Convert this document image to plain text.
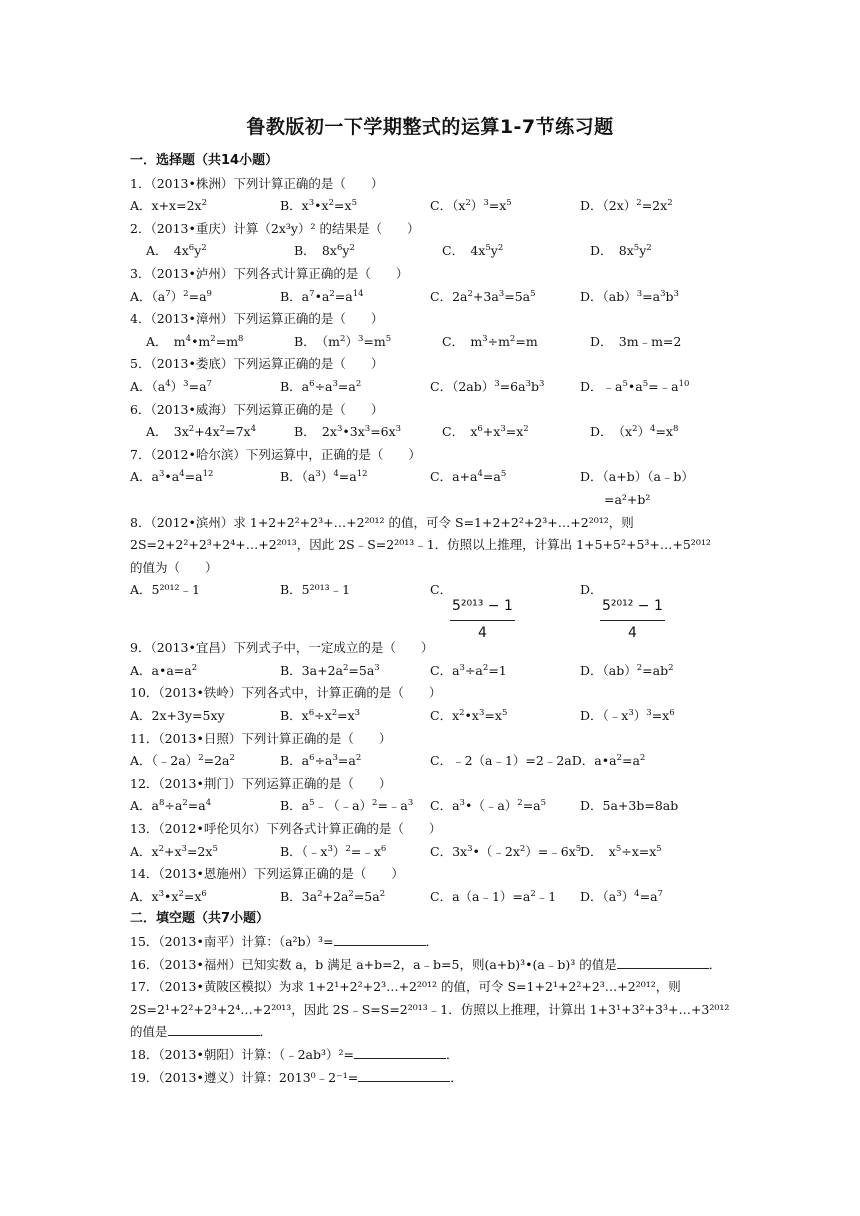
鲁教版初一下学期整式的运算1-7节练习题
一．选择题（共14小题）
1．（2013•株洲）下列计算正确的是（　　）
A．$x+x=2x^2$	B．$x^3•x^2=x^5$	C．$(x^2)^3=x^5$	D．$(2x)^2=2x^2$
2．（2013•重庆）计算（2x³y）² 的结果是（　　）
A．　$4x^6y^2$	B．　$8x^6y^2$	C．　$4x^5y^2$	D．　$8x^5y^2$
3．（2013•泸州）下列各式计算正确的是（　　）
A．$(a^7)^2=a^9$	B．$a^7•a^2=a^{14}$	C．$2a^2+3a^3=5a^5$	D．$(ab)^3=a^3b^3$
4．（2013•漳州）下列运算正确的是（　　）
A．　$m^4•m^2=m^8$	B．　$(m^2)^3=m^5$	C．　$m^3\div m^2=m$	D．　3m﹣m=2
5．（2013•娄底）下列运算正确的是（　　）
A．$(a^4)^3=a^7$	B．$a^6\div a^3=a^2$	C．$(2ab)^3=6a^3b^3$	D．$﹣a^5•a^5=﹣a^{10}$
6．（2013•威海）下列运算正确的是（　　）
A．　$3x^2+4x^2=7x^4$	B．　$2x^3•3x^3=6x^3$	C．　$x^6+x^3=x^2$	D．　$(x^2)^4=x^8$
7．（2012•哈尔滨）下列运算中，正确的是（　　）
A．$a^3•a^4=a^{12}$	B．$(a^3)^4=a^{12}$	C．$a+a^4=a^5$	D．（a+b）（a﹣b）
=a²+b²
8．（2012•滨州）求 1+2+2²+2³+…+2²⁰¹² 的值，可令 S=1+2+2²+2³+…+2²⁰¹²，则
2S=2+2²+2³+2⁴+…+2²⁰¹³，因此 2S﹣S=2²⁰¹³﹣1．仿照以上推理，计算出 1+5+5²+5³+…+5²⁰¹²
的值为（　　）
A．5²⁰¹²﹣1	B．5²⁰¹³﹣1	C．
$\frac{\text{5²⁰¹³ − 1}}{4}$
D．
$\frac{\text{5²⁰¹² − 1}}{4}$
9．（2013•宜昌）下列式子中，一定成立的是（　　）
A．$a•a=a^2$	B．$3a+2a^2=5a^3$	C．$a^3\div a^2=1$	D．$(ab)^2=ab^2$
10．（2013•铁岭）下列各式中，计算正确的是（　　）
A．2x+3y=5xy	B．$x^6\div x^2=x^3$	C．$x^2•x^3=x^5$	D．$(﹣x^3)^3=x^6$
11．（2013•日照）下列计算正确的是（　　）
A．$(﹣2a)^2=2a^2$	B．$a^6\div a^3=a^2$	C．﹣2（a﹣1）=2﹣2aD．$a•a^2=a^2$
12．（2013•荆门）下列运算正确的是（　　）
A．$a^8\div a^2=a^4$	B．$a^5﹣(﹣a)^2=﹣a^3$	C．$a^3•(﹣a)^2=a^5$	D．5a+3b=8ab
13．（2012•呼伦贝尔）下列各式计算正确的是（　　）
A．$x^2+x^3=2x^5$	B．$(﹣x^3)^2=﹣x^6$	C．$3x^3•(﹣2x^2)=﹣6x^5$
D．　$x^5\div x=x^5$
14．（2013•恩施州）下列运算正确的是（　　）
A．$x^3•x^2=x^6$	B．$3a^2+2a^2=5a^2$	C．$a(a﹣1)=a^2﹣1$	D．$(a^3)^4=a^7$
二．填空题（共7小题）
15．（2013•南平）计算：（a²b）³=	．
16．（2013•福州）已知实数 a，b 满足 a+b=2，a﹣b=5，则(a+b)³•(a﹣b)³ 的值是	．
17．（2013•黄陂区模拟）为求 1+2¹+2²+2³…+2²⁰¹² 的值，可令 S=1+2¹+2²+2³…+2²⁰¹²，则
2S=2¹+2²+2³+2⁴…+2²⁰¹³，因此 2S﹣S=S=2²⁰¹³﹣1．仿照以上推理，计算出 1+3¹+3²+3³+…+3²⁰¹²
的值是	．
18．（2013•朝阳）计算：（﹣2ab³）²=	．
19．（2013•遵义）计算：2013⁰﹣2⁻¹=	．
